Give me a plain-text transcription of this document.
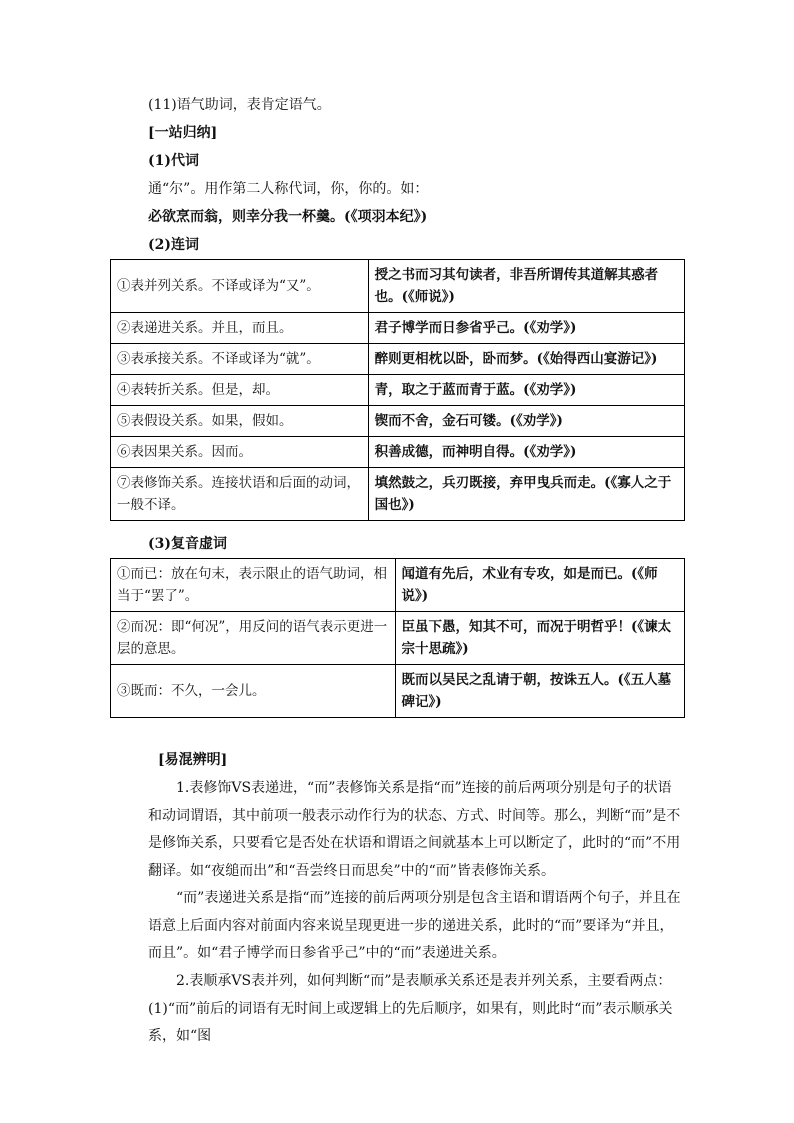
(11)语气助词，表肯定语气。
[一站归纳]
(1)代词
通“尔”。用作第二人称代词，你，你的。如：
必欲烹而翁，则幸分我一杯羹。(《项羽本纪》)
(2)连词
①表并列关系。不译或译为“又”。	授之书而习其句读者，非吾所谓传其道解其惑者也。(《师说》)
②表递进关系。并且，而且。	君子博学而日参省乎己。(《劝学》)
③表承接关系。不译或译为“就”。	醉则更相枕以卧，卧而梦。(《始得西山宴游记》)
④表转折关系。但是，却。	青，取之于蓝而青于蓝。(《劝学》)
⑤表假设关系。如果，假如。	锲而不舍，金石可镂。(《劝学》)
⑥表因果关系。因而。	积善成德，而神明自得。(《劝学》)
⑦表修饰关系。连接状语和后面的动词，一般不译。	填然鼓之，兵刃既接，弃甲曳兵而走。(《寡人之于国也》)
(3)复音虚词
①而已：放在句末，表示限止的语气助词，相当于“罢了”。	闻道有先后，术业有专攻，如是而已。(《师说》)
②而况：即“何况”，用反问的语气表示更进一层的意思。	臣虽下愚，知其不可，而况于明哲乎！(《谏太宗十思疏》)
③既而：不久，一会儿。	既而以吴民之乱请于朝，按诛五人。(《五人墓碑记》)
[易混辨明]
1.表修饰VS表递进，“而”表修饰关系是指“而”连接的前后两项分别是句子的状语和动词谓语，其中前项一般表示动作行为的状态、方式、时间等。那么，判断“而”是不是修饰关系，只要看它是否处在状语和谓语之间就基本上可以断定了，此时的“而”不用翻译。如“夜缒而出”和“吾尝终日而思矣”中的“而”皆表修饰关系。
“而”表递进关系是指“而”连接的前后两项分别是包含主语和谓语两个句子，并且在语意上后面内容对前面内容来说呈现更进一步的递进关系，此时的“而”要译为“并且，而且”。如“君子博学而日参省乎己”中的“而”表递进关系。
2.表顺承VS表并列，如何判断“而”是表顺承关系还是表并列关系，主要看两点：(1)“而”前后的词语有无时间上或逻辑上的先后顺序，如果有，则此时“而”表示顺承关系，如“图
